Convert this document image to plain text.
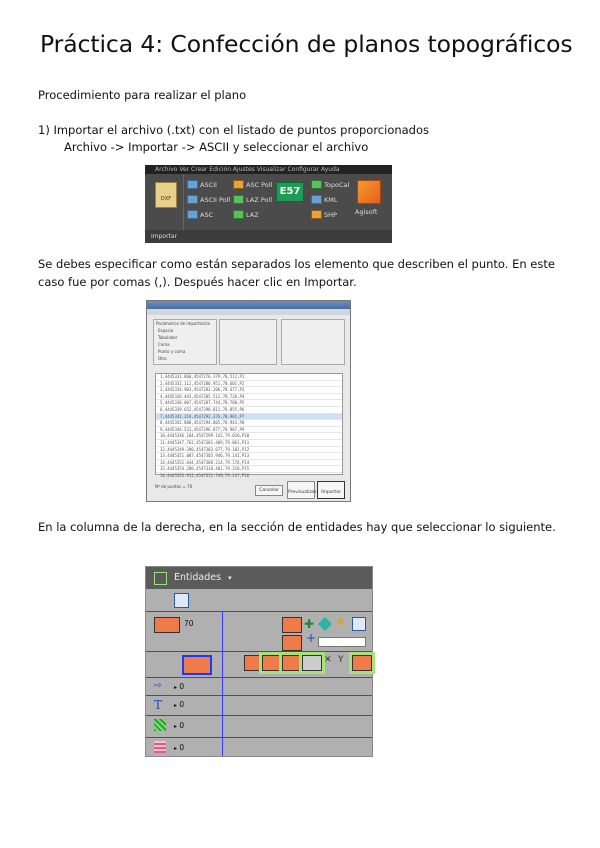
Práctica 4: Confección de planos topográficos

Procedimiento para realizar el plano

1) Importar el archivo (.txt) con el listado de puntos proporcionados

Archivo -> Importar -> ASCII y seleccionar el archivo

Archivo Ver Crear Edición Ajustes Visualizar Configurar Ayuda
DXF
ASCII
ASCII Poll
ASC
ASC Poll
LAZ Poll
LAZ
E57
TopoCal
KML
SHP	Agisoft
Importar

Se debes especificar como están separados los elemento que describen el punto. En este caso fue por comas (,). Después hacer clic en Importar.

Parámetros de importación
Espacio
Tabulador
Coma
Punto y coma
Otro
1,4445331.860,4547276.379,78.512,P1
2,4445332.112,4547280.951,78.601,P2
3,4445334.903,4547283.206,78.677,P3
4,4445336.441,4547285.512,78.720,P4
5,4445338.007,4547287.744,78.788,P5
6,4445339.652,4547290.011,78.855,P6
7,4445341.219,4547292.376,78.901,P7
8,4445342.880,4547294.605,78.943,P8
9,4445344.531,4547296.877,78.987,P9
10,4445346.104,4547299.142,79.020,P10
11,4445347.762,4547301.409,79.061,P11
12,4445349.390,4547303.677,79.102,P12
13,4445351.007,4547305.946,79.141,P13
14,4445352.644,4547308.214,79.176,P14
15,4445354.280,4547310.481,79.210,P15
16,4445355.911,4547312.749,79.247,P16
Nº de puntos = 70
Cancelar	Previsualizar	Importar

En la columna de la derecha, en la sección de entidades hay que seleccionar lo siguiente.

Entidades ▾
70	✚ #
+
✕ Y
⇨ ▸ 0
T ▸ 0
▸ 0
▸ 0
